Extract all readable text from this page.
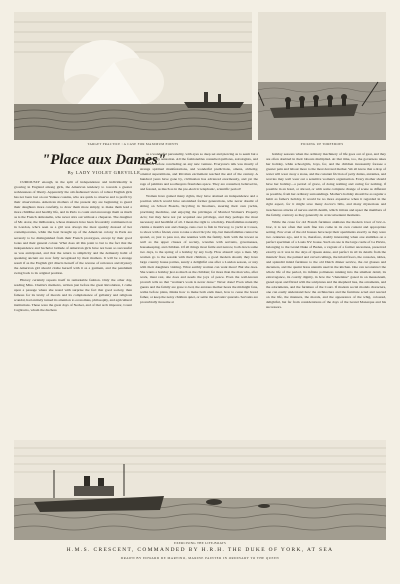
TARGET PRACTICE : A CASE FOR MAXIMUM POINTS	PICKING UP TORPEDOES
"Place aux Dames"
By LADY VIOLET GREVILLE

CURIOUSLY enough, in the split of independence and individuality is growing in England among girls, the American tendency to towards a greater recklessness of liberty. Apparently the old-fashioned views of robust English girls has not been lost on our Yankee cousins, who are quick to observe and to profit by their observations. American mothers of the present day are beginning to guard their daughters more carefully, to draw them more simply, to make them lead a more childlike and healthy life, and in Paris to count and encourage them as much as is the French demoiselle, who never stirs out without a chaperon. The daughter of Mr. Astor, the millionaire, whose manners have been favourably commented on in London, who's seen as a girl was always the most sparkly dressed of her contemporaries, while the best brought up of the American colony in Paris are severely to be distinguished from their French prototypes, except by their good looks and their general colour. What does all this point to but to the fact that the independence and bachelor latitude of American girls have not been so successful as was anticipated, and that the return to simplicity and the demurely habit of speaking ancient are now fully recognised by their mothers. It will be a strange result if as the English girl directs herself of the reverse of reticence and mystery the American girl should clothe herself with it as a garment, and the pendulum swing back to its original position.

History certainly repeats itself in remarkable fashion. Only the other day, reading Miss. Chettle's memoirs, written just before the great Revolution, I came upon a passage where she noted with surprise the fact that good society, then famous for its laxity of morals and its complaisance of gallantry and religious scandal, had entirely turned its attention to economies, philosophy, and agricultural institutions. These were the great days of Necker, and of that arch impostor, Count Cagliostro, whom the duchess

as a wonderful personality, with eyes so deep set and piercing as to seem but a most uncanny sensation. All the fashionables consulted quillotes, astrologists, and mummers before concluding on any new venture. Everyone's talk was mostly of strange spiritual manifestations, and wonderful predictions, omens, alchemy, oriental superstitions, and Rivolian excitement reached the end of the century. A hundred years have gone by, civilisation has advanced enormously, and yet the rage of palmists and soothsayers flourishes apace. They are consulted, believed in, and feasted, as much as in the pre-electric telephonic, scientific period!

Women have gained many rights, they have attained an independence and a position which would have astonished former generations, who never dreamt of sitting on School Boards, bicycling in bloomers, steering their own yachts, practising medicine, and enjoying the privileges of Married Women's Property Acts; but they have not yet acquired one privilege, and they perhaps the most necessary and healthful of all. I mean the right to a holiday. Paterfamilias naturally claims a month's rest and change, runs over to fish in Norway, to yacht at Cowes, to shoot with a friend, even to take a short bicycle trip, but materfamilias cannot be spared, or, just to pass not, she reunites with the family, both with the lowest as well as the upper classes of society, wrestles with servants, governesses, housekeeping, and children. Of all things most futile and narrow, both down some two days, is the spring of a holiday by any body. How absurd! says a man. My women go to the seaside with their children, a good modern should, they have large country house parties, surely a delightful one after a London season, or stay with their daughters visiting. What earthly woman can want more! But she does. She wants a holiday just as much as the children; far more than the man who, after work, must rest, she does and needs the joys of peace. Even the well-known proverb tells us that "woman's work is never done." Never done! Even when the guests and the family are gone to bed, the anxious mother hears the midnight fans, walks before plans, thinks how to make both ends meet, how to cease the bored father, or keep the noisy children quiet, or settle the servants' quarrels. Servants are proverbially tiresome at

holiday seasons when the ordinary machinery of life goes out of gear, and they are often doubted in their labours multiplied. At that time, too, the governess takes her holiday, while schoolgirls, boys, for, and the children incessantly foresee a greater pain and labour more to the most devoted mother. We all know that a drop of water will wear away a stone, and the constant friction of petty duties, anxieties, and worries may well wear out a sensitive woman's organisation. Every mother should have her holiday—a period of grace, of doing nothing and caring for nothing, if possible in an hotel, or abroad, or with some complete change of scene as different as possible, from her ordinary surroundings. Mother's holiday should be as regular a habit as father's holiday. It would be no more expensive when it regarded in the right aspect, for it might save many doctor's bills, and many mysterious and treacherous attacks of nerves and ill-health, which irritate and upset the members of the family, contrary as they generally do at inconvenient moments.

While the craze for old French furniture animates the modern lover of bric-à-brac, it is not often that such fine lots come in its own content and appropriate setting. Few even of the old houses have kept their apartments exactly as they were two centuries ago, and it is, therefore, doubly interesting when one stumbles on a perfect specimen of a Louis XV. house. Such an one is the large castle of La Piévre, belonging to the Grand Duke of Baden, a vagrant of a former ancestress, preserved exactly as it was in the days of Queen Anne, and perfect in all its details from the mantels' floor, the painted and carved ceilings, the inlaid floors, the consoles, tables, and splendid inlaid furniture to the old Dutch dinner service, the cut glasses and decanters, and the quaint brass utensils used in the kitchen. One can reconstruct the whole life of the period, its infinite politeness running into the smallest detail, its extravagance, its courtly dignity, in how the "chatelaine" gazed in on mausoleum, gazed upon and flirted with the sculptures and the shepherd lass, the ornaments, and the adornments, and the furniture of the Court. If modern social models characters, one can easily understand how the architecture and the furniture acted and reacted on the life, the manners, the morals, and the appearance of the whig, coloured, delightful, but far from considerations of the days of the Grand Monarque and his successors.

EXERCISING THE LIFE-BOATS
H.M.S. CRESCENT, COMMANDED BY H.R.H. THE DUKE OF YORK, AT SEA
DRAWN BY EDWARD DE MARTINO, MARINE PAINTER IN ORDINARY TO THE QUEEN
